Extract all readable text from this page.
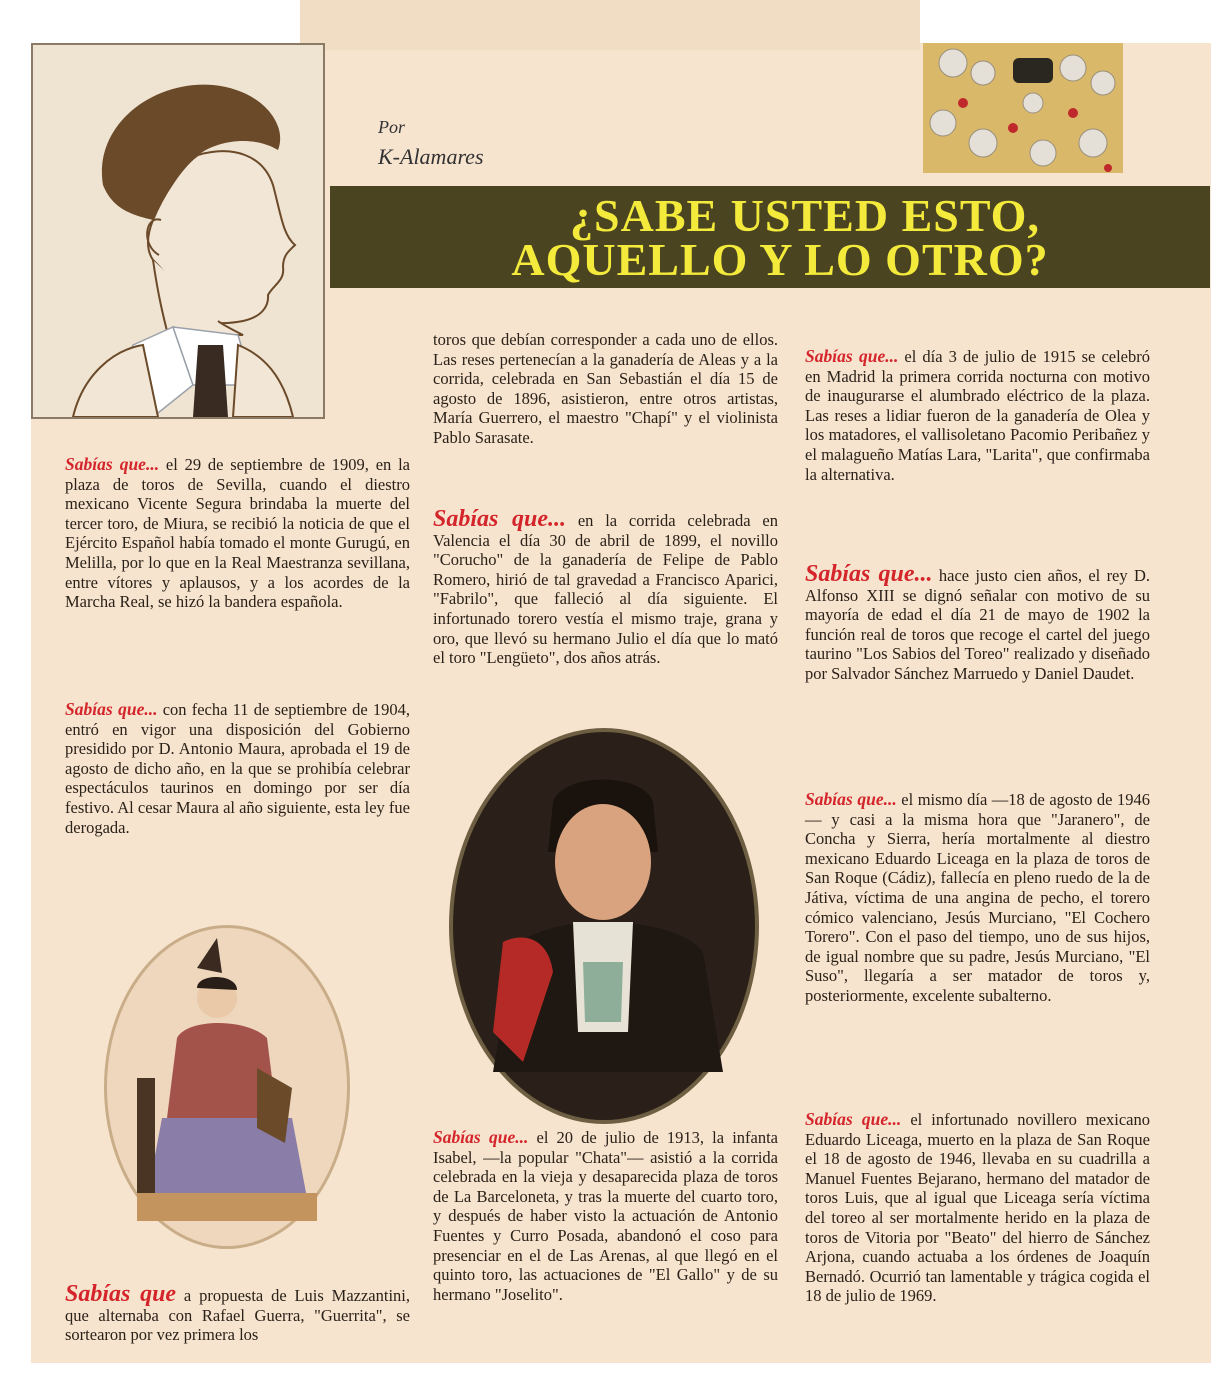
Por
K-Alamares
¿SABE USTED ESTO,
AQUELLO Y LO OTRO?

Sabías que... el 29 de septiembre de 1909, en la plaza de toros de Sevilla, cuando el diestro mexicano Vicente Segura brindaba la muerte del tercer toro, de Miura, se recibió la noticia de que el Ejército Español había tomado el monte Gurugú, en Melilla, por lo que en la Real Maestranza sevillana, entre vítores y aplausos, y a los acordes de la Marcha Real, se hizó la bandera española.

Sabías que... con fecha 11 de septiembre de 1904, entró en vigor una disposición del Gobierno presidido por D. Antonio Maura, aprobada el 19 de agosto de dicho año, en la que se prohibía celebrar espectáculos taurinos en domingo por ser día festivo. Al cesar Maura al año siguiente, esta ley fue derogada.

Sabías que a propuesta de Luis Mazzantini, que alternaba con Rafael Guerra, "Guerrita", se sortearon por vez primera los

toros que debían corresponder a cada uno de ellos. Las reses pertenecían a la ganadería de Aleas y a la corrida, celebrada en San Sebastián el día 15 de agosto de 1896, asistieron, entre otros artistas, María Guerrero, el maestro "Chapí" y el violinista Pablo Sarasate.

Sabías que... en la corrida celebrada en Valencia el día 30 de abril de 1899, el novillo "Corucho" de la ganadería de Felipe de Pablo Romero, hirió de tal gravedad a Francisco Aparici, "Fabrilo", que falleció al día siguiente. El infortunado torero vestía el mismo traje, grana y oro, que llevó su hermano Julio el día que lo mató el toro "Lengüeto", dos años atrás.

Sabías que... el 20 de julio de 1913, la infanta Isabel, —la popular "Chata"— asistió a la corrida celebrada en la vieja y desaparecida plaza de toros de La Barceloneta, y tras la muerte del cuarto toro, y después de haber visto la actuación de Antonio Fuentes y Curro Posada, abandonó el coso para presenciar en el de Las Arenas, al que llegó en el quinto toro, las actuaciones de "El Gallo" y de su hermano "Joselito".

Sabías que... el día 3 de julio de 1915 se celebró en Madrid la primera corrida nocturna con motivo de inaugurarse el alumbrado eléctrico de la plaza. Las reses a lidiar fueron de la ganadería de Olea y los matadores, el vallisoletano Pacomio Peribañez y el malagueño Matías Lara, "Larita", que confirmaba la alternativa.

Sabías que... hace justo cien años, el rey D. Alfonso XIII se dignó señalar con motivo de su mayoría de edad el día 21 de mayo de 1902 la función real de toros que recoge el cartel del juego taurino "Los Sabios del Toreo" realizado y diseñado por Salvador Sánchez Marruedo y Daniel Daudet.

Sabías que... el mismo día —18 de agosto de 1946— y casi a la misma hora que "Jaranero", de Concha y Sierra, hería mortalmente al diestro mexicano Eduardo Liceaga en la plaza de toros de San Roque (Cádiz), fallecía en pleno ruedo de la de Játiva, víctima de una angina de pecho, el torero cómico valenciano, Jesús Murciano, "El Cochero Torero". Con el paso del tiempo, uno de sus hijos, de igual nombre que su padre, Jesús Murciano, "El Suso", llegaría a ser matador de toros y, posteriormente, excelente subalterno.

Sabías que... el infortunado novillero mexicano Eduardo Liceaga, muerto en la plaza de San Roque el 18 de agosto de 1946, llevaba en su cuadrilla a Manuel Fuentes Bejarano, hermano del matador de toros Luis, que al igual que Liceaga sería víctima del toreo al ser mortalmente herido en la plaza de toros de Vitoria por "Beato" del hierro de Sánchez Arjona, cuando actuaba a los órdenes de Joaquín Bernadó. Ocurrió tan lamentable y trágica cogida el 18 de julio de 1969.
